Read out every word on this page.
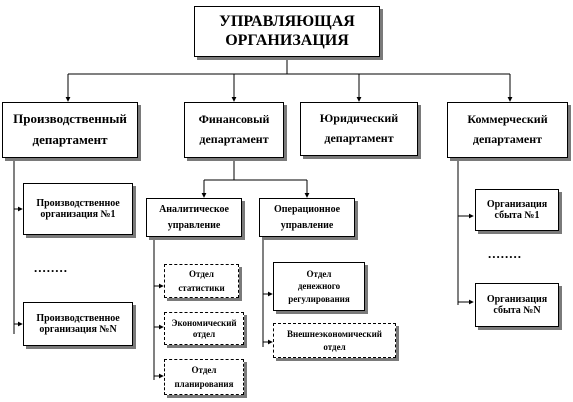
УПРАВЛЯЮЩАЯ
ОРГАНИЗАЦИЯ
Производственный
департамент
Финансовый
департамент
Юридический
департамент
Коммерческий
департамент
Производственное
организация №1
........
Производственное
организация №N
Аналитическое
управление
Операционное
управление
Отдел
статистики
Экономический
отдел
Отдел
планирования
Отдел
денежного
регулирования
Внешнеэкономический
отдел
Организация
сбыта №1
........
Организация
сбыта №N
